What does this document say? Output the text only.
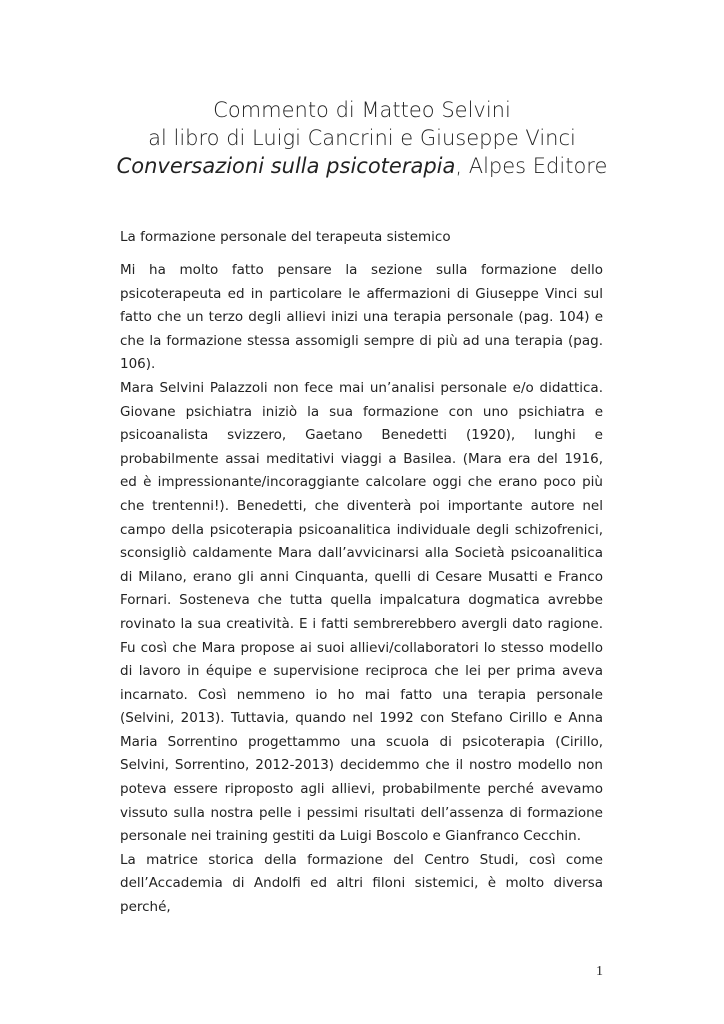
Commento di Matteo Selvini
al libro di Luigi Cancrini e Giuseppe Vinci
Conversazioni sulla psicoterapia, Alpes Editore
La formazione personale del terapeuta sistemico

Mi ha molto fatto pensare la sezione sulla formazione dello psicoterapeuta ed in particolare le affermazioni di Giuseppe Vinci sul fatto che un terzo degli allievi inizi una terapia personale (pag. 104) e che la formazione stessa assomigli sempre di più ad una terapia (pag. 106).

Mara Selvini Palazzoli non fece mai un’analisi personale e/o didattica. Giovane psichiatra iniziò la sua formazione con uno psichiatra e psicoanalista svizzero, Gaetano Benedetti (1920), lunghi e probabilmente assai meditativi viaggi a Basilea. (Mara era del 1916, ed è impressionante/incoraggiante calcolare oggi che erano poco più che trentenni!). Benedetti, che diventerà poi importante autore nel campo della psicoterapia psicoanalitica individuale degli schizofrenici, sconsigliò caldamente Mara dall’avvicinarsi alla Società psicoanalitica di Milano, erano gli anni Cinquanta, quelli di Cesare Musatti e Franco Fornari. Sosteneva che tutta quella impalcatura dogmatica avrebbe rovinato la sua creatività. E i fatti sembrerebbero avergli dato ragione. Fu così che Mara propose ai suoi allievi/collaboratori lo stesso modello di lavoro in équipe e supervisione reciproca che lei per prima aveva incarnato. Così nemmeno io ho mai fatto una terapia personale (Selvini, 2013). Tuttavia, quando nel 1992 con Stefano Cirillo e Anna Maria Sorrentino progettammo una scuola di psicoterapia (Cirillo, Selvini, Sorrentino, 2012-2013) decidemmo che il nostro modello non poteva essere riproposto agli allievi, probabilmente perché avevamo vissuto sulla nostra pelle i pessimi risultati dell’assenza di formazione personale nei training gestiti da Luigi Boscolo e Gianfranco Cecchin.

La matrice storica della formazione del Centro Studi, così come dell’Accademia di Andolfi ed altri filoni sistemici, è molto diversa perché,

1
